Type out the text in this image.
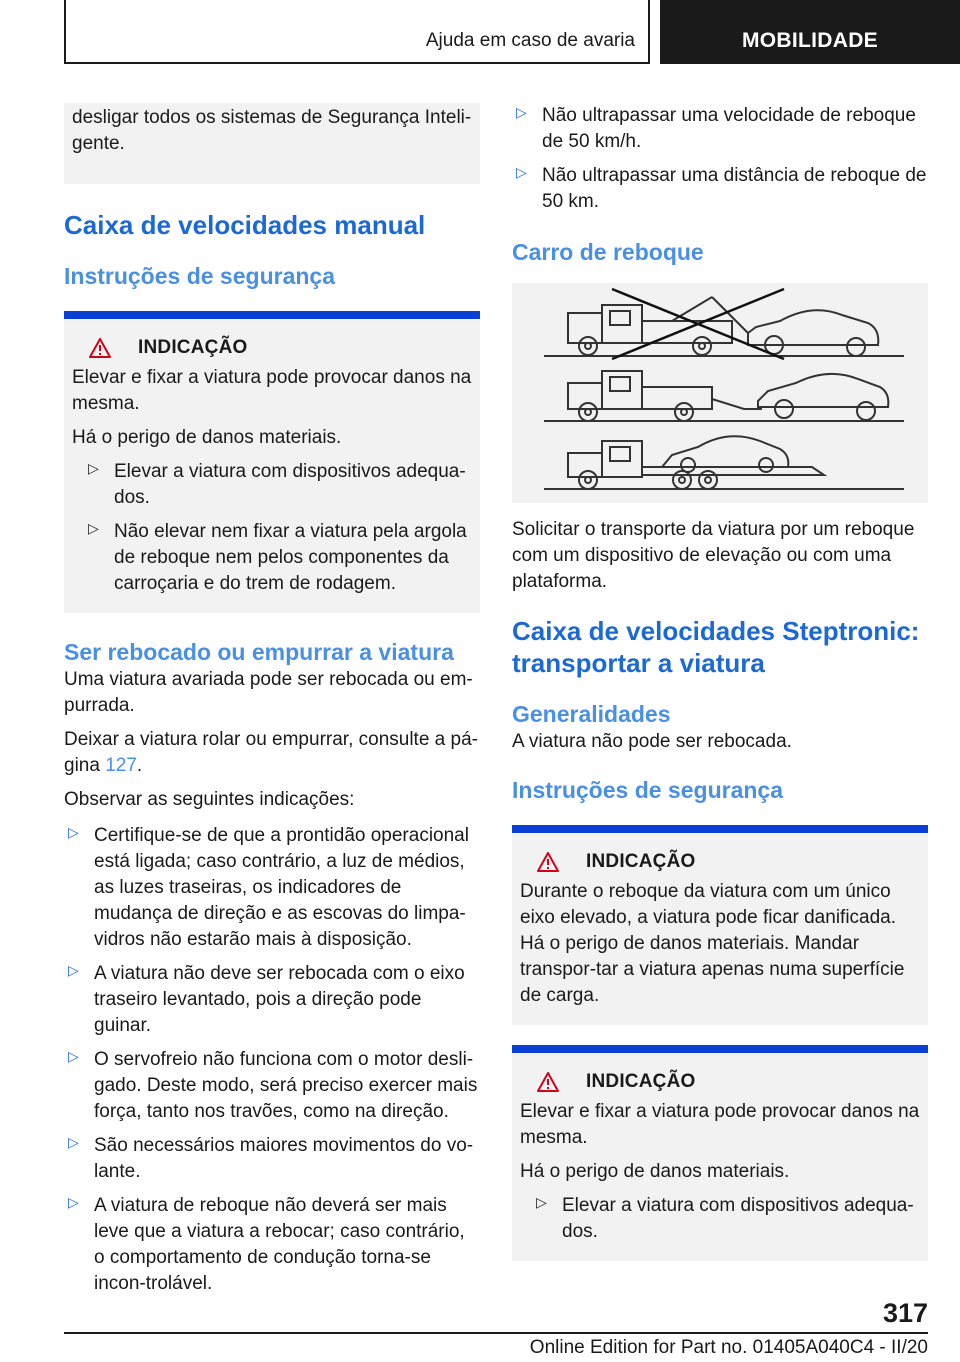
Ajuda em caso de avaria	MOBILIDADE

desligar todos os sistemas de Segurança Inteli-gente.

Caixa de velocidades manual
Instruções de segurança
INDICAÇÃO

Elevar e fixar a viatura pode provocar danos na mesma.

Há o perigo de danos materiais.

▷ Elevar a viatura com dispositivos adequa-dos.

▷ Não elevar nem fixar a viatura pela argola de reboque nem pelos componentes da carroçaria e do trem de rodagem.

Ser rebocado ou empurrar a viatura

Uma viatura avariada pode ser rebocada ou em-purrada.

Deixar a viatura rolar ou empurrar, consulte a pá-gina 127.

Observar as seguintes indicações:

▷ Certifique-se de que a prontidão operacional está ligada; caso contrário, a luz de médios, as luzes traseiras, os indicadores de mudança de direção e as escovas do limpa-vidros não estarão mais à disposição.

▷ A viatura não deve ser rebocada com o eixo traseiro levantado, pois a direção pode guinar.

▷ O servofreio não funciona com o motor desli-gado. Deste modo, será preciso exercer mais força, tanto nos travões, como na direção.

▷ São necessários maiores movimentos do vo-lante.

▷ A viatura de reboque não deverá ser mais leve que a viatura a rebocar; caso contrário, o comportamento de condução torna-se incon-trolável.

▷ Não ultrapassar uma velocidade de reboque de 50 km/h.

▷ Não ultrapassar uma distância de reboque de 50 km.

Carro de reboque

Solicitar o transporte da viatura por um reboque com um dispositivo de elevação ou com uma plataforma.

Caixa de velocidades Steptronic: transportar a viatura
Generalidades

A viatura não pode ser rebocada.

Instruções de segurança
INDICAÇÃO

Durante o reboque da viatura com um único eixo elevado, a viatura pode ficar danificada. Há o perigo de danos materiais. Mandar transpor-tar a viatura apenas numa superfície de carga.

INDICAÇÃO

Elevar e fixar a viatura pode provocar danos na mesma.

Há o perigo de danos materiais.

▷ Elevar a viatura com dispositivos adequa-dos.

317
Online Edition for Part no. 01405A040C4 - II/20
